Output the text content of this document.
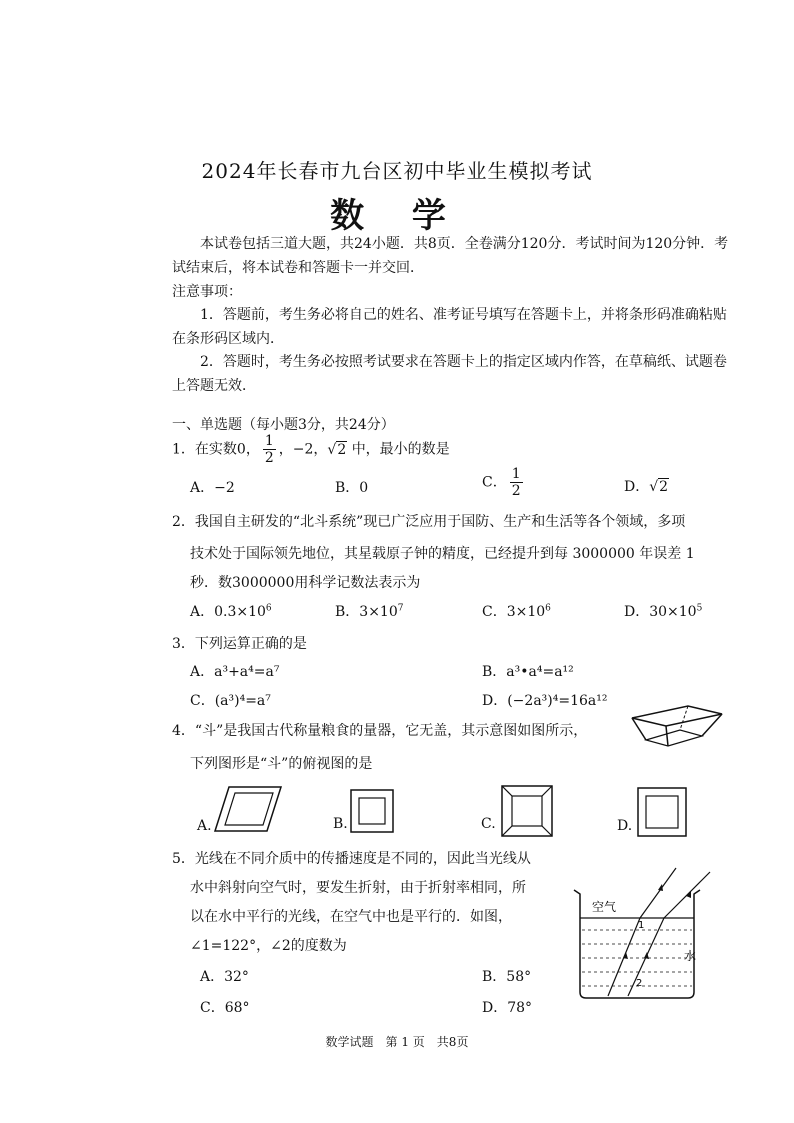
2024年长春市九台区初中毕业生模拟考试
数 学
本试卷包括三道大题，共24小题．共8页．全卷满分120分．考试时间为120分钟．考试结束后，将本试卷和答题卡一并交回．
注意事项：
1．答题前，考生务必将自己的姓名、准考证号填写在答题卡上，并将条形码准确粘贴在条形码区域内．
2．答题时，考生务必按照考试要求在答题卡上的指定区域内作答，在草稿纸、试题卷上答题无效．
一、单选题（每小题3分，共24分）
1．在实数0， $\frac{1}{2}$ ，−2，√2 中，最小的数是
A．−2	B．0	C． $\frac{1}{2}$	D．√2
2．我国自主研发的“北斗系统”现已广泛应用于国防、生产和生活等各个领域，多项
技术处于国际领先地位，其星载原子钟的精度，已经提升到每 3000000 年误差 1
秒．数3000000用科学记数法表示为
A．$0.3\times 10^6$	B．$3\times 10^7$	C．$3\times 10^6$	D．$30\times 10^5$
3．下列运算正确的是
A．a³+a⁴=a⁷	B．a³•a⁴=a¹²
C．(a³)⁴=a⁷	D．(−2a³)⁴=16a¹²
4．“斗”是我国古代称量粮食的量器，它无盖，其示意图如图所示，
下列图形是“斗”的俯视图的是
A.	B.	C.	D.
5．光线在不同介质中的传播速度是不同的，因此当光线从
水中斜射向空气时，要发生折射，由于折射率相同，所
以在水中平行的光线，在空气中也是平行的．如图，
∠1=122°，∠2的度数为
A．32°	B．58°
C．68°	D．78°
空气
水
1
2
数学试题　第 1 页　共8页
